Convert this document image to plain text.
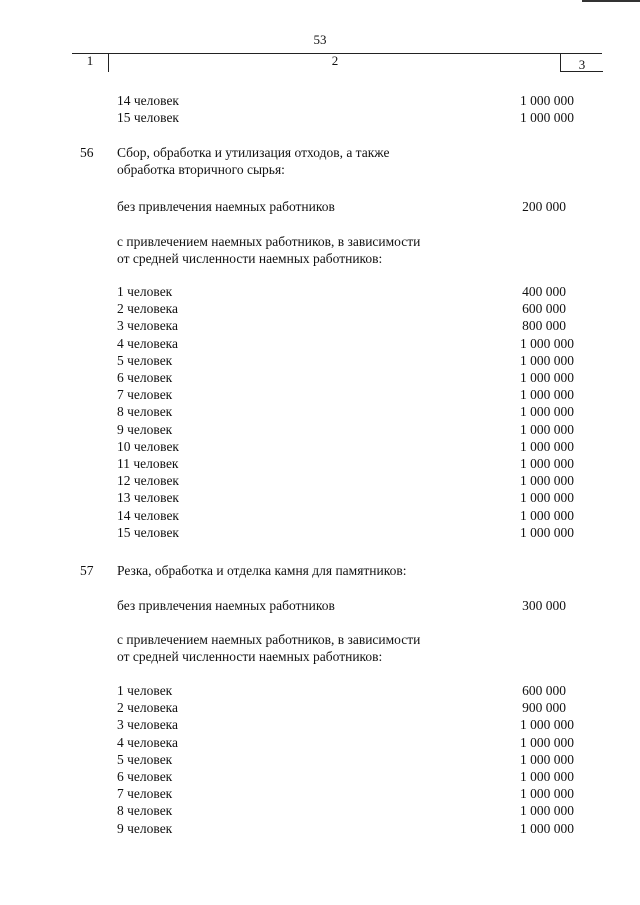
53
1	2	3
14 человек	1 000 000
15 человек	1 000 000
56 Сбор, обработка и утилизация отходов, а также
обработка вторичного сырья:
без привлечения наемных работников	200 000
с привлечением наемных работников, в зависимости
от средней численности наемных работников:
1 человек	400 000
2 человека	600 000
3 человека	800 000
4 человека	1 000 000
5 человек	1 000 000
6 человек	1 000 000
7 человек	1 000 000
8 человек	1 000 000
9 человек	1 000 000
10 человек	1 000 000
11 человек	1 000 000
12 человек	1 000 000
13 человек	1 000 000
14 человек	1 000 000
15 человек	1 000 000
57 Резка, обработка и отделка камня для памятников:
без привлечения наемных работников	300 000
с привлечением наемных работников, в зависимости
от средней численности наемных работников:
1 человек	600 000
2 человека	900 000
3 человека	1 000 000
4 человека	1 000 000
5 человек	1 000 000
6 человек	1 000 000
7 человек	1 000 000
8 человек	1 000 000
9 человек	1 000 000
